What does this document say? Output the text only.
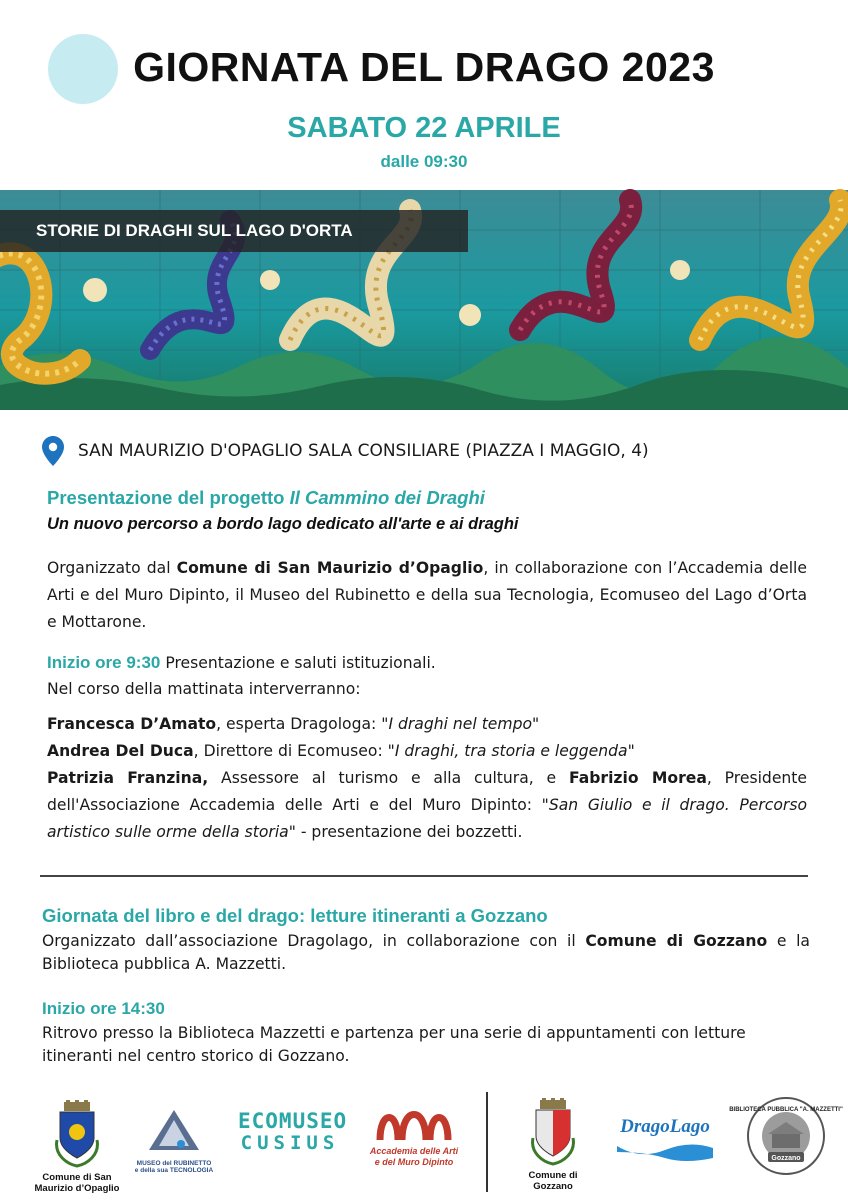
GIORNATA DEL DRAGO 2023
SABATO 22 APRILE
dalle 09:30
STORIE DI DRAGHI SUL LAGO D'ORTA
SAN MAURIZIO D'OPAGLIO SALA CONSILIARE (PIAZZA I MAGGIO, 4)
Presentazione del progetto Il Cammino dei Draghi
Un nuovo percorso a bordo lago dedicato all'arte e ai draghi
Organizzato dal Comune di San Maurizio d’Opaglio, in collaborazione con l’Accademia delle Arti e del Muro Dipinto, il Museo del Rubinetto e della sua Tecnologia, Ecomuseo del Lago d’Orta e Mottarone.
Inizio ore 9:30 Presentazione e saluti istituzionali.
Nel corso della mattinata interverranno:
Francesca D’Amato, esperta Dragologa: "I draghi nel tempo"
Andrea Del Duca, Direttore di Ecomuseo: "I draghi, tra storia e leggenda"
Patrizia Franzina, Assessore al turismo e alla cultura, e Fabrizio Morea, Presidente dell'Associazione Accademia delle Arti e del Muro Dipinto: "San Giulio e il drago. Percorso artistico sulle orme della storia" - presentazione dei bozzetti.
Giornata del libro e del drago: letture itineranti a Gozzano
Organizzato dall’associazione Dragolago, in collaborazione con il Comune di Gozzano e la Biblioteca pubblica A. Mazzetti.
Inizio ore 14:30
Ritrovo presso la Biblioteca Mazzetti e partenza per una serie di appuntamenti con letture itineranti nel centro storico di Gozzano.
Comune di San
Maurizio d’Opaglio
MUSEO del RUBINETTO
e della sua TECNOLOGIA
ECOMUSEO
CUSIUS	Accademia delle Arti
e del Muro Dipinto
Comune di
Gozzano
DragoLago
BIBLIOTECA PUBBLICA "A. MAZZETTI"
Gozzano
